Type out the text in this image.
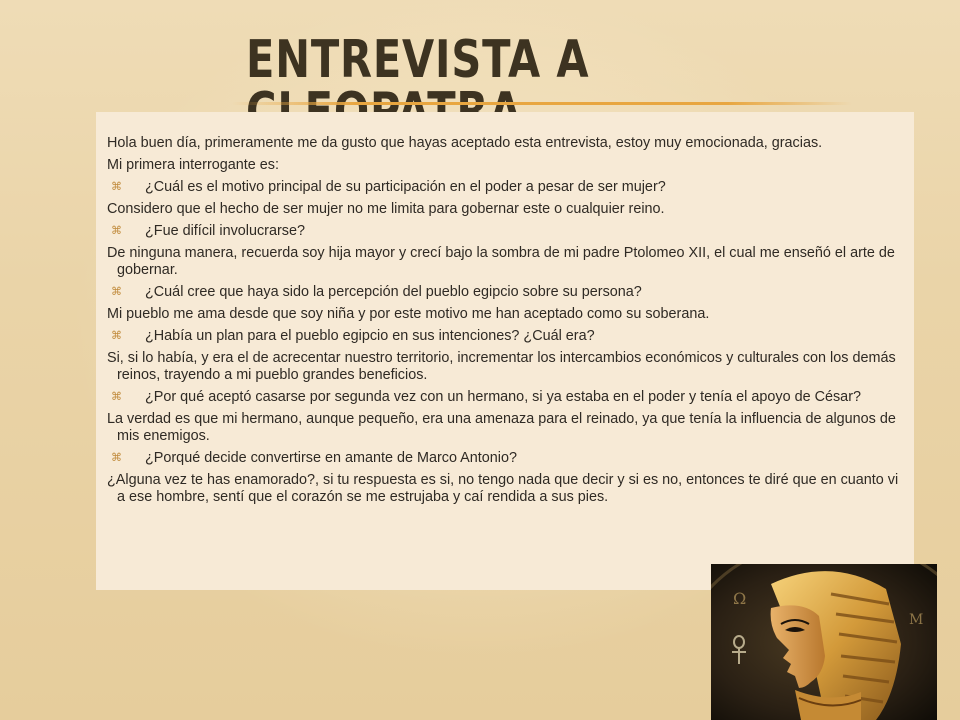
ENTREVISTA A

Hola buen día, primeramente me da gusto que hayas aceptado esta entrevista, estoy muy emocionada, gracias.

Mi primera interrogante es:

⌘ ¿Cuál es el motivo principal de su participación en el poder a pesar de ser mujer?

Considero que el hecho de ser mujer no me limita para gobernar este o cualquier reino.

⌘ ¿Fue difícil involucrarse?

De ninguna manera, recuerda soy hija mayor y crecí bajo la sombra de mi padre Ptolomeo XII, el cual me enseñó el arte de gobernar.

⌘ ¿Cuál cree que haya sido la percepción del pueblo egipcio sobre su persona?

Mi pueblo me ama desde que soy niña y por este motivo me han aceptado como su soberana.

⌘ ¿Había un plan para el pueblo egipcio en sus intenciones? ¿Cuál era?

Si, si lo había, y era el de acrecentar nuestro territorio, incrementar los intercambios económicos y culturales con los demás reinos, trayendo a mi pueblo grandes beneficios.

⌘ ¿Por qué aceptó casarse por segunda vez con un hermano, si ya estaba en el poder y tenía el apoyo de César?

La verdad es que mi hermano, aunque pequeño, era una amenaza para el reinado, ya que tenía la influencia de algunos de mis enemigos.

⌘ ¿Porqué decide convertirse en amante de Marco Antonio?

¿Alguna vez te has enamorado?, si tu respuesta es si, no tengo nada que decir y si es no, entonces te diré que en cuanto vi a ese hombre, sentí que el corazón se me estrujaba y caí rendida a sus pies.

Ω
M
